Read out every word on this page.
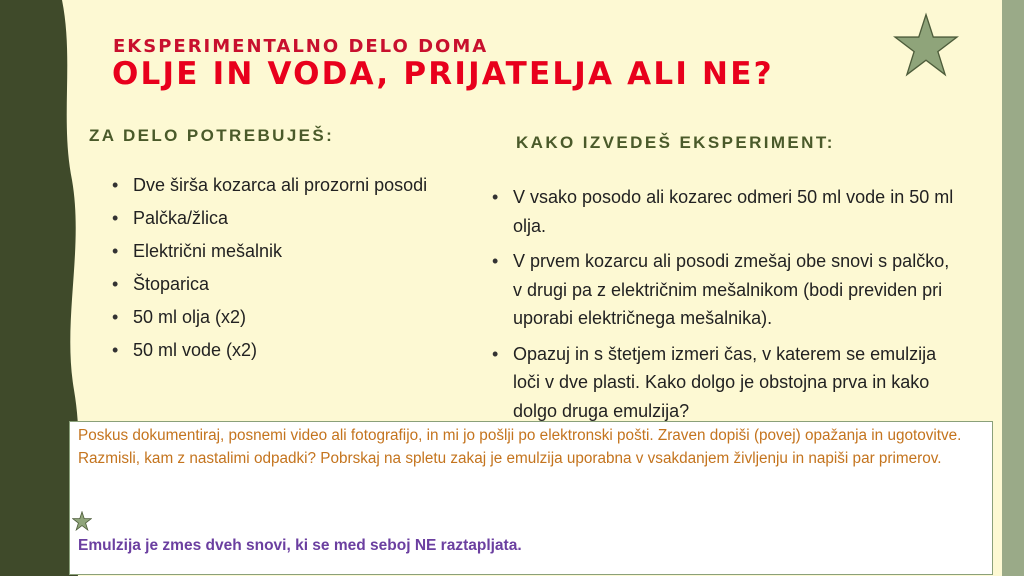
EKSPERIMENTALNO DELO DOMA
OLJE IN VODA, PRIJATELJA ALI NE?
ZA DELO POTREBUJEŠ:
• Dve širša kozarca ali prozorni posodi
• Palčka/žlica
• Električni mešalnik
• Štoparica
• 50 ml olja (x2)
• 50 ml vode (x2)
KAKO IZVEDEŠ EKSPERIMENT:
• V vsako posodo ali kozarec odmeri 50 ml vode in 50 ml olja.
• V prvem kozarcu ali posodi zmešaj obe snovi s palčko, v drugi pa z električnim mešalnikom (bodi previden pri uporabi električnega mešalnika).
• Opazuj in s štetjem izmeri čas, v katerem se emulzija loči v dve plasti. Kako dolgo je obstojna prva in kako dolgo druga emulzija?

Poskus dokumentiraj, posnemi video ali fotografijo, in mi jo pošlji po elektronski pošti. Zraven dopiši (povej) opažanja in ugotovitve.

Razmisli, kam z nastalimi odpadki? Pobrskaj na spletu zakaj je emulzija uporabna v vsakdanjem življenju in napiši par primerov.

Emulzija je zmes dveh snovi, ki se med seboj NE raztapljata.
